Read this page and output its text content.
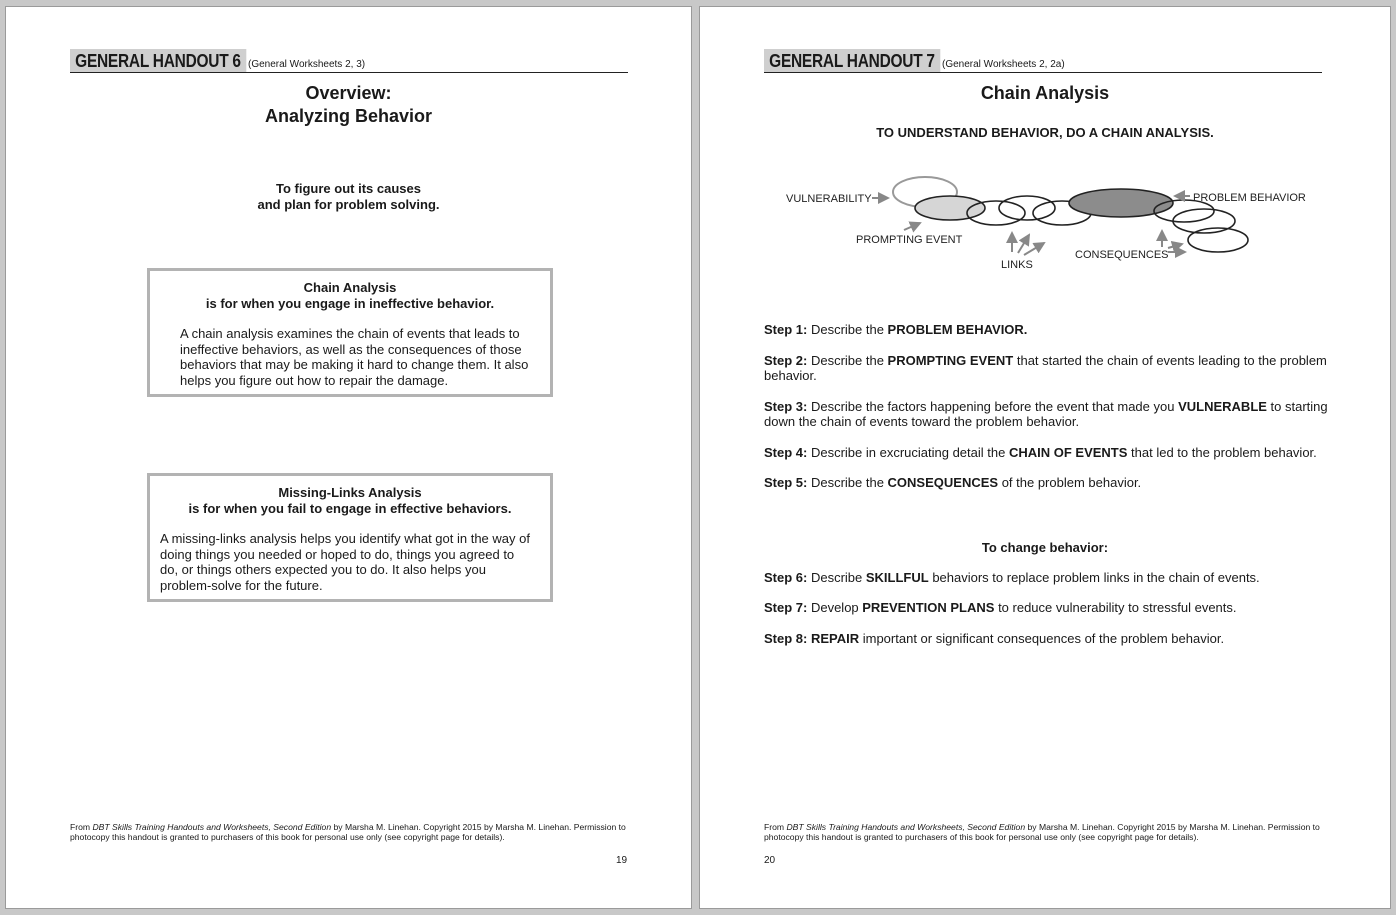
GENERAL HANDOUT 6 (General Worksheets 2, 3)
Overview:
Analyzing Behavior
To figure out its causes
and plan for problem solving.
Chain Analysis
is for when you engage in ineffective behavior.
A chain analysis examines the chain of events that leads to ineffective behaviors, as well as the consequences of those behaviors that may be making it hard to change them. It also helps you figure out how to repair the damage.
Missing-Links Analysis
is for when you fail to engage in effective behaviors.
A missing-links analysis helps you identify what got in the way of doing things you needed or hoped to do, things you agreed to do, or things others expected you to do. It also helps you problem-solve for the future.
From DBT Skills Training Handouts and Worksheets, Second Edition by Marsha M. Linehan. Copyright 2015 by Marsha M. Linehan. Permission to photocopy this handout is granted to purchasers of this book for personal use only (see copyright page for details).
19
GENERAL HANDOUT 7 (General Worksheets 2, 2a)
Chain Analysis
TO UNDERSTAND BEHAVIOR, DO A CHAIN ANALYSIS.
VULNERABILITY	PROBLEM BEHAVIOR
PROMPTING EVENT
LINKS
CONSEQUENCES
Step 1: Describe the PROBLEM BEHAVIOR.
Step 2: Describe the PROMPTING EVENT that started the chain of events leading to the problem behavior.
Step 3: Describe the factors happening before the event that made you VULNERABLE to starting down the chain of events toward the problem behavior.
Step 4: Describe in excruciating detail the CHAIN OF EVENTS that led to the problem behavior.
Step 5: Describe the CONSEQUENCES of the problem behavior.
To change behavior:
Step 6: Describe SKILLFUL behaviors to replace problem links in the chain of events.
Step 7: Develop PREVENTION PLANS to reduce vulnerability to stressful events.
Step 8: REPAIR important or significant consequences of the problem behavior.
From DBT Skills Training Handouts and Worksheets, Second Edition by Marsha M. Linehan. Copyright 2015 by Marsha M. Linehan. Permission to photocopy this handout is granted to purchasers of this book for personal use only (see copyright page for details).
20
